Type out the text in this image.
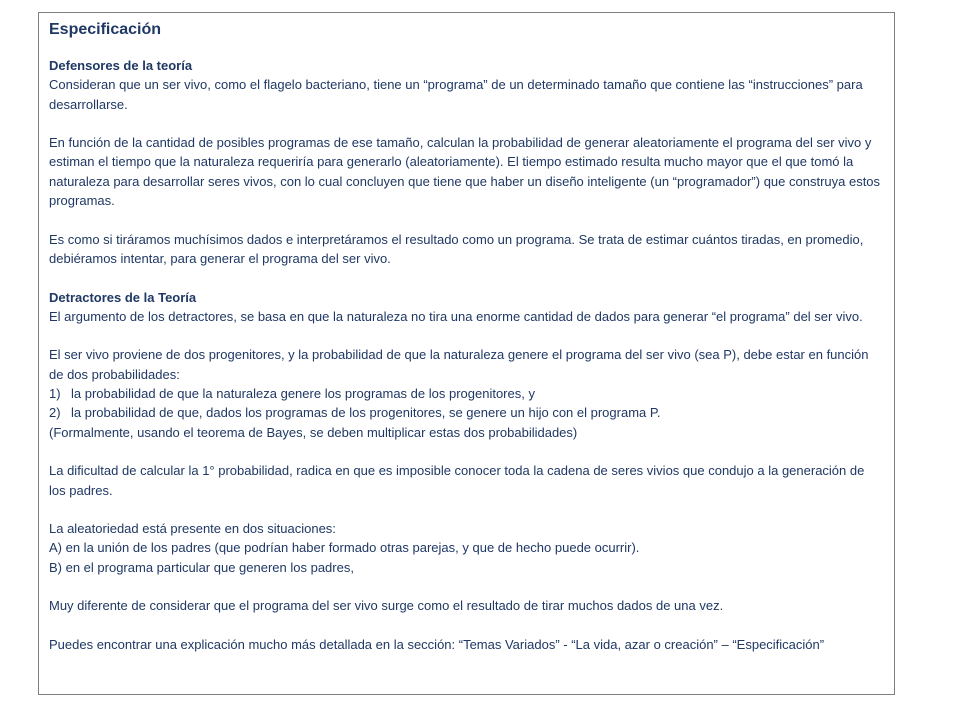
Especificación

Defensores de la teoría

Consideran que un ser vivo, como el flagelo bacteriano, tiene un “programa” de un determinado tamaño que contiene las “instrucciones” para desarrollarse.

En función de la cantidad de posibles programas de ese tamaño, calculan la probabilidad de generar aleatoriamente el programa del ser vivo y estiman el tiempo que la naturaleza requeriría para generarlo (aleatoriamente). El tiempo estimado resulta mucho mayor que el que tomó la naturaleza para desarrollar seres vivos, con lo cual concluyen que tiene que haber un diseño inteligente (un “programador”) que construya estos programas.

Es como si tiráramos muchísimos dados e interpretáramos el resultado como un programa. Se trata de estimar cuántos tiradas, en promedio, debiéramos intentar, para generar el programa del ser vivo.

Detractores de la Teoría

El argumento de los detractores, se basa en que la naturaleza no tira una enorme cantidad de dados para generar “el programa” del ser vivo.

El ser vivo proviene de dos progenitores, y la probabilidad de que la naturaleza genere el programa del ser vivo (sea P), debe estar en función de dos probabilidades:

1) la probabilidad de que la naturaleza genere los programas de los progenitores, y
2) la probabilidad de que, dados los programas de los progenitores, se genere un hijo con el programa P.

(Formalmente, usando el teorema de Bayes, se deben multiplicar estas dos probabilidades)

La dificultad de calcular la 1° probabilidad, radica en que es imposible conocer toda la cadena de seres vivios que condujo a la generación de los padres.

La aleatoriedad está presente en dos situaciones:

A) en la unión de los padres (que podrían haber formado otras parejas, y que de hecho puede ocurrir).

B) en el programa particular que generen los padres,

Muy diferente de considerar que el programa del ser vivo surge como el resultado de tirar muchos dados de una vez.

Puedes encontrar una explicación mucho más detallada en la sección: “Temas Variados” - “La vida, azar o creación” – “Especificación”
